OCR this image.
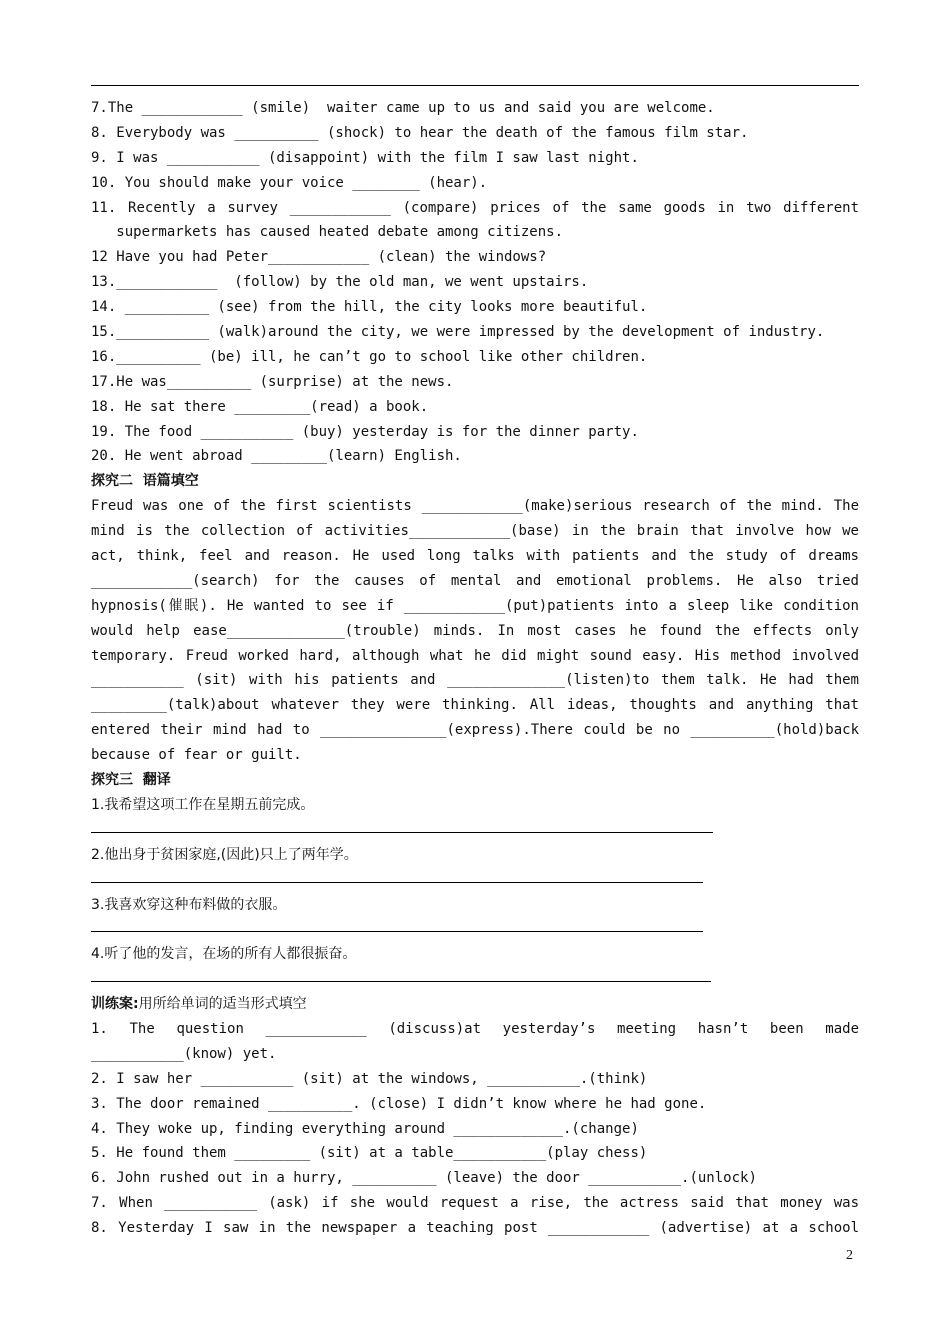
7.The ____________ (smile)  waiter came up to us and said you are welcome.
8. Everybody was __________ (shock) to hear the death of the famous film star.
9. I was ___________ (disappoint) with the film I saw last night.
10. You should make your voice ________ (hear).
11. Recently a survey ____________ (compare) prices of the same goods in two different
supermarkets has caused heated debate among citizens.
12 Have you had Peter____________ (clean) the windows?
13.____________  (follow) by the old man, we went upstairs.
14. __________ (see) from the hill, the city looks more beautiful.
15.___________ (walk)around the city, we were impressed by the development of industry.
16.__________ (be) ill, he can’t go to school like other children.
17.He was__________ (surprise) at the news.
18. He sat there _________(read) a book.
19. The food ___________ (buy) yesterday is for the dinner party.
20. He went abroad _________(learn) English.
探究二  语篇填空
Freud was one of the first scientists ____________(make)serious research of the mind. The
mind is the collection of activities____________(base) in the brain that involve how we
act, think, feel and reason. He used long talks with patients and the study of dreams
____________(search) for the causes of mental and emotional problems. He also tried
hypnosis(催眠). He wanted to see if ____________(put)patients into a sleep like condition
would help ease______________(trouble) minds. In most cases he found the effects only
temporary. Freud worked hard, although what he did might sound easy. His method involved
___________ (sit) with his patients and ______________(listen)to them talk. He had them
_________(talk)about whatever they were thinking. All ideas, thoughts and anything that
entered their mind had to _______________(express).There could be no __________(hold)back
because of fear or guilt.
探究三  翻译
1.我希望这项工作在星期五前完成。
2.他出身于贫困家庭,(因此)只上了两年学。
3.我喜欢穿这种布料做的衣服。
4.听了他的发言，在场的所有人都很振奋。
训练案:用所给单词的适当形式填空
1. The question ____________ (discuss)at yesterday’s meeting hasn’t been made
___________(know) yet.
2. I saw her ___________ (sit) at the windows, ___________.(think)
3. The door remained __________. (close) I didn’t know where he had gone.
4. They woke up, finding everything around _____________.(change)
5. He found them _________ (sit) at a table___________(play chess)
6. John rushed out in a hurry, __________ (leave) the door ___________.(unlock)
7. When ___________ (ask) if she would request a rise, the actress said that money was
8. Yesterday I saw in the newspaper a teaching post ____________ (advertise) at a school
2
